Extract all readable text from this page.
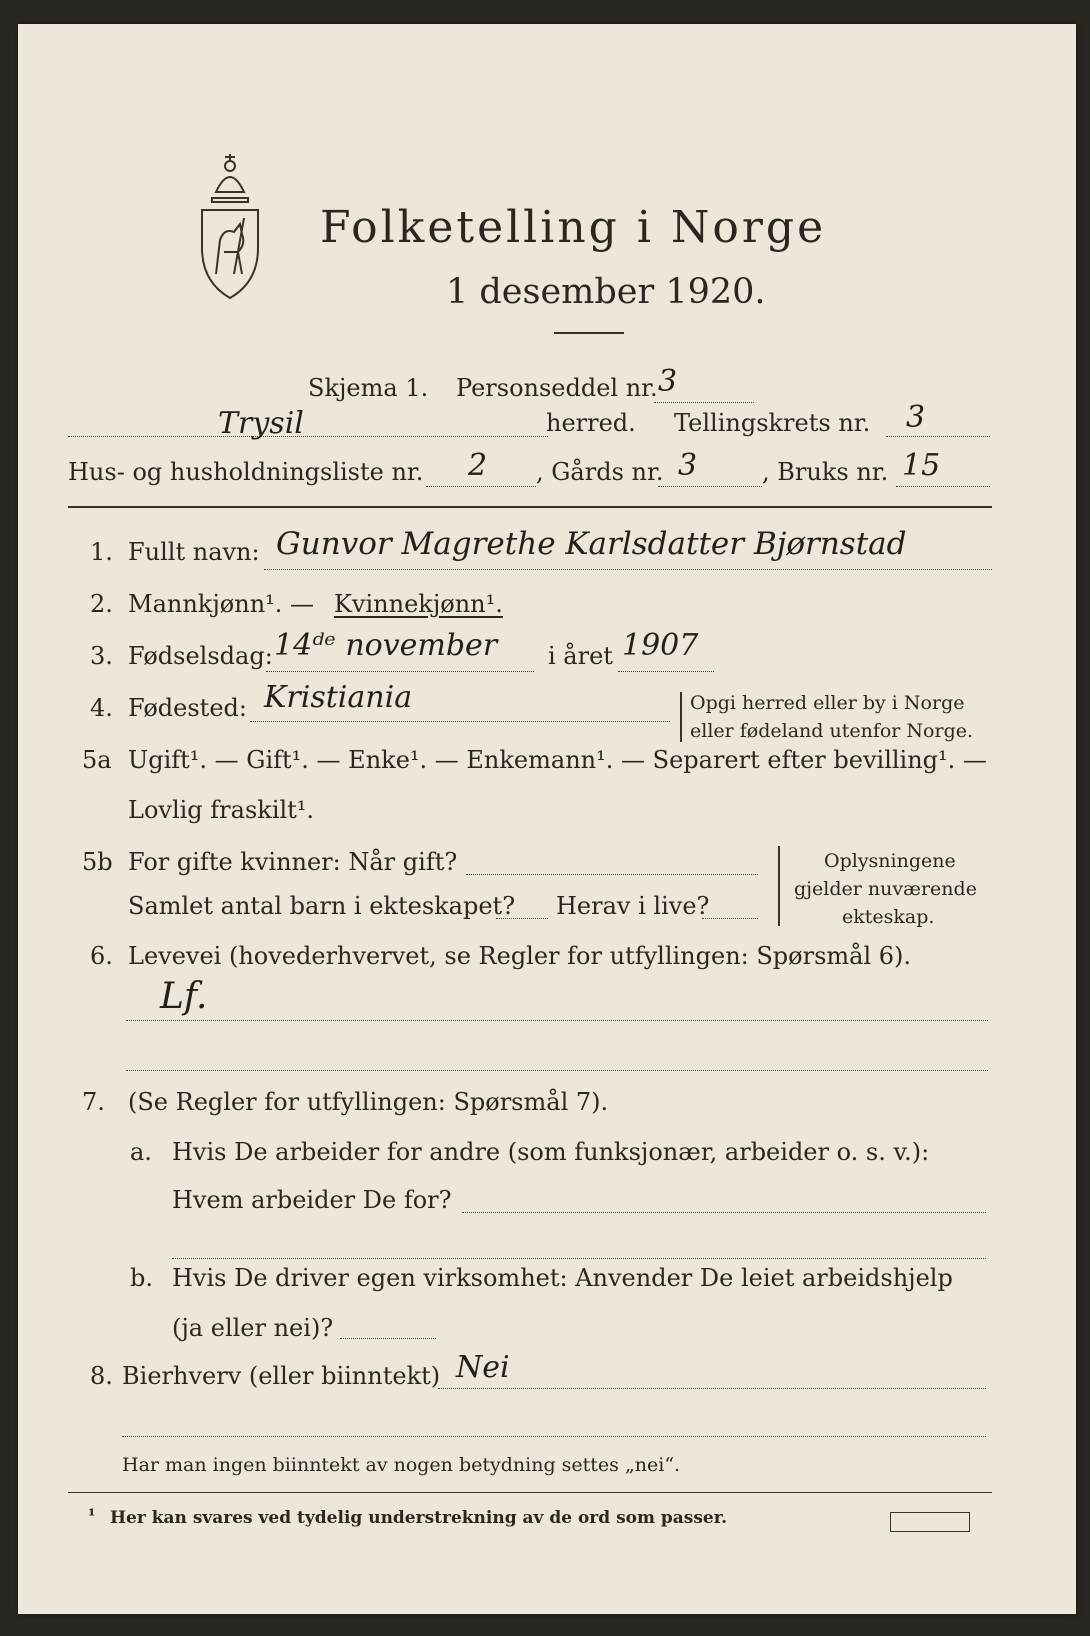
Folketelling i Norge
1 desember 1920.
Skjema 1. Personseddel nr. 3
Trysil	herred. Tellingskrets nr. 3
Hus- og husholdningsliste nr. 2 , Gårds nr. 3	, Bruks nr. 15
1. Fullt navn: Gunvor Magrethe Karlsdatter Bjørnstad
2. Mannkjønn¹. — Kvinnekjønn¹.
3. Fødselsdag: 14ᵈᵉ november i året 1907
4. Fødested: Kristiania	Opgi herred eller by i Norge
eller fødeland utenfor Norge.
5a Ugift¹. — Gift¹. — Enke¹. — Enkemann¹. — Separert efter bevilling¹. —
Lovlig fraskilt¹.
5b For gifte kvinner: Når gift?
Samlet antal barn i ekteskapet? Herav i live?
Oplysningene
gjelder nuværende
ekteskap.
6. Levevei (hovederhvervet, se Regler for utfyllingen: Spørsmål 6).
Lf.
7. (Se Regler for utfyllingen: Spørsmål 7).
a. Hvis De arbeider for andre (som funksjonær, arbeider o. s. v.):
Hvem arbeider De for?
b. Hvis De driver egen virksomhet: Anvender De leiet arbeidshjelp
(ja eller nei)?
8. Bierhverv (eller biinntekt) Nei
Har man ingen biinntekt av nogen betydning settes „nei“.
¹ Her kan svares ved tydelig understrekning av de ord som passer.
